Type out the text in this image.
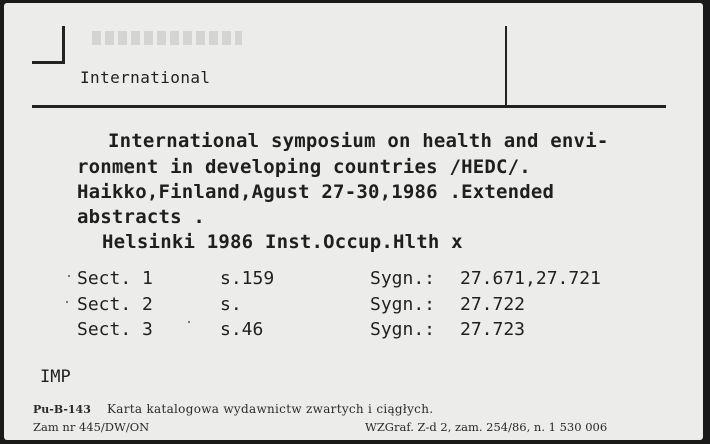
International
International symposium on health and envi-
ronment in developing countries /HEDC/.
Haikko,Finland,Agust 27-30,1986 .Extended
abstracts .
Helsinki 1986 Inst.Occup.Hlth x
Sect. 1	s.159	Sygn.: 27.671,27.721
Sect. 2	s.	Sygn.: 27.722
Sect. 3	s.46	Sygn.: 27.723
IMP
Pu-B-143 Karta katalogowa wydawnictw zwartych i ciągłych.
Zam nr 445/DW/ON	WZGraf. Z-d 2, zam. 254/86, n. 1 530 006
